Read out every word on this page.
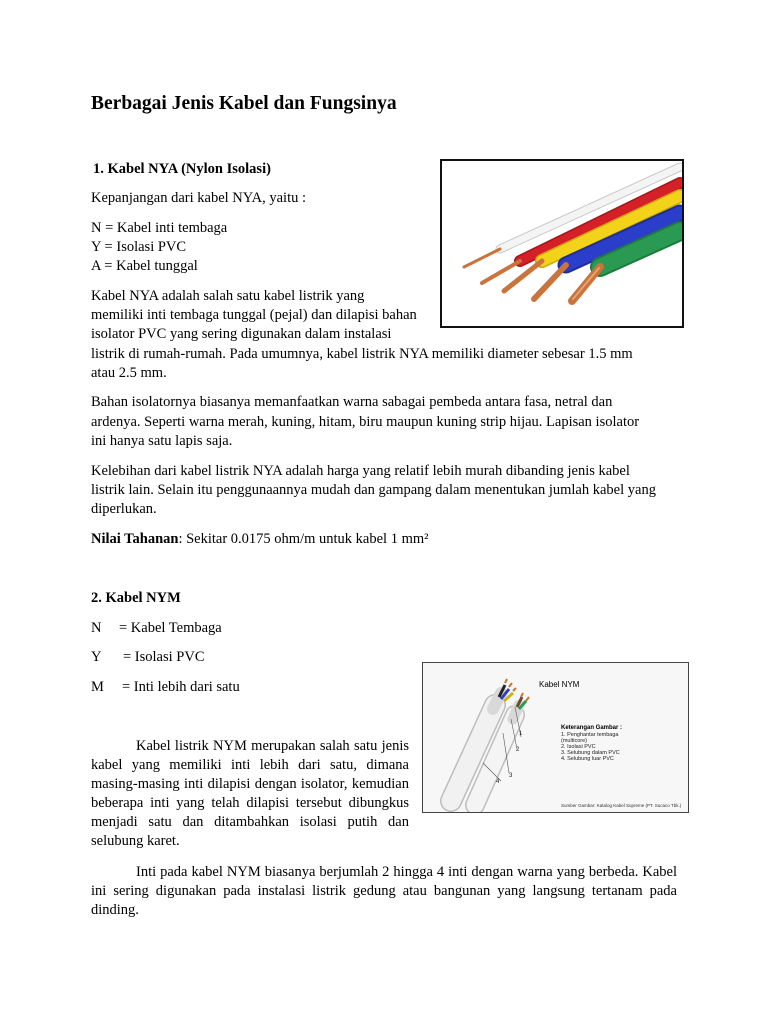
Berbagai Jenis Kabel dan Fungsinya

1. Kabel NYA (Nylon Isolasi)

Kepanjangan dari kabel NYA, yaitu :

N = Kabel inti tembaga

Y = Isolasi PVC

A = Kabel tunggal

Kabel NYA adalah salah satu kabel listrik yang

memiliki inti tembaga tunggal (pejal) dan dilapisi bahan

isolator PVC yang sering digunakan dalam instalasi

listrik di rumah-rumah. Pada umumnya, kabel listrik NYA memiliki diameter sebesar 1.5 mm

atau 2.5 mm.

Bahan isolatornya biasanya memanfaatkan warna sabagai pembeda antara fasa, netral dan

ardenya. Seperti warna merah, kuning, hitam, biru maupun kuning strip hijau. Lapisan isolator

ini hanya satu lapis saja.

Kelebihan dari kabel listrik NYA adalah harga yang relatif lebih murah dibanding jenis kabel

listrik lain. Selain itu penggunaannya mudah dan gampang dalam menentukan jumlah kabel yang

diperlukan.

Nilai Tahanan: Sekitar 0.0175 ohm/m untuk kabel 1 mm²

2. Kabel NYM

N = Kabel Tembaga

Y = Isolasi PVC

M = Inti lebih dari satu

Kabel listrik NYM merupakan salah satu jenis kabel yang memiliki inti lebih dari satu, dimana masing-masing inti dilapisi dengan isolator, kemudian beberapa inti yang telah dilapisi tersebut dibungkus menjadi satu dan ditambahkan isolasi putih dan selubung karet.

Inti pada kabel NYM biasanya berjumlah 2 hingga 4 inti dengan warna yang berbeda. Kabel ini sering digunakan pada instalasi listrik gedung atau bangunan yang langsung tertanam pada dinding.

1
2
3
4
Kabel NYM
Keterangan Gambar :
1. Penghantar tembaga
(multicore)
2. Isolasi PVC
3. Selubung dalam PVC
4. Selubung luar PVC
Sumber Gambar: Katalog Kabel Supreme (PT. Sucaco Tbk.)
